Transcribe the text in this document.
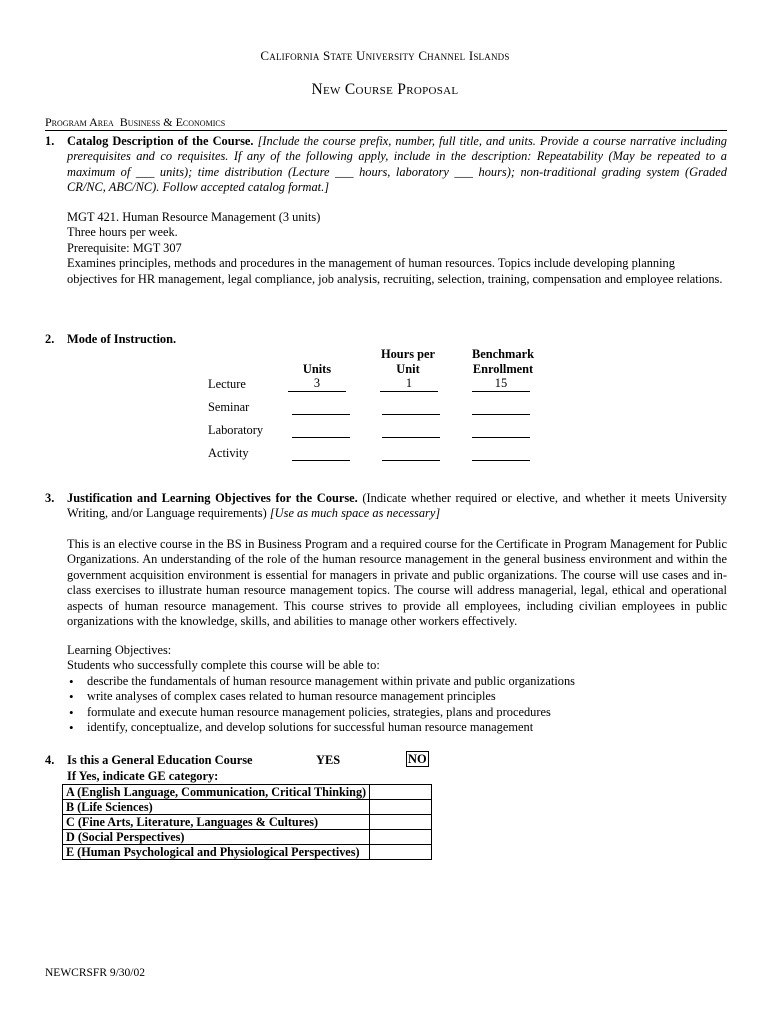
California State University Channel Islands
New Course Proposal
Program Area Business & Economics
1. Catalog Description of the Course. [Include the course prefix, number, full title, and units. Provide a course narrative including prerequisites and co requisites. If any of the following apply, include in the description: Repeatability (May be repeated to a maximum of ___ units); time distribution (Lecture ___ hours, laboratory ___ hours); non-traditional grading system (Graded CR/NC, ABC/NC). Follow accepted catalog format.]

MGT 421. Human Resource Management (3 units)

Three hours per week.

Prerequisite: MGT 307

Examines principles, methods and procedures in the management of human resources. Topics include developing planning objectives for HR management, legal compliance, job analysis, recruiting, selection, training, compensation and employee relations.

2. Mode of Instruction.
Units
Hours per
Unit
Benchmark
Enrollment
Lecture	3	1	15
Seminar
Laboratory
Activity
3. Justification and Learning Objectives for the Course. (Indicate whether required or elective, and whether it meets University Writing, and/or Language requirements) [Use as much space as necessary]
This is an elective course in the BS in Business Program and a required course for the Certificate in Program Management for Public Organizations. An understanding of the role of the human resource management in the general business environment and within the government acquisition environment is essential for managers in private and public organizations. The course will use cases and in-class exercises to illustrate human resource management topics. The course will address managerial, legal, ethical and operational aspects of human resource management. This course strives to provide all employees, including civilian employees in public organizations with the knowledge, skills, and abilities to manage other workers effectively.

Learning Objectives:

Students who successfully complete this course will be able to:

• describe the fundamentals of human resource management within private and public organizations
• write analyses of complex cases related to human resource management principles
• formulate and execute human resource management policies, strategies, plans and procedures
• identify, conceptualize, and develop solutions for successful human resource management
4. Is this a General Education Course	YES	NO
If Yes, indicate GE category:
A (English Language, Communication, Critical Thinking)	
B (Life Sciences)	
C (Fine Arts, Literature, Languages & Cultures)	
D (Social Perspectives)	
E (Human Psychological and Physiological Perspectives)	
NEWCRSFR 9/30/02
